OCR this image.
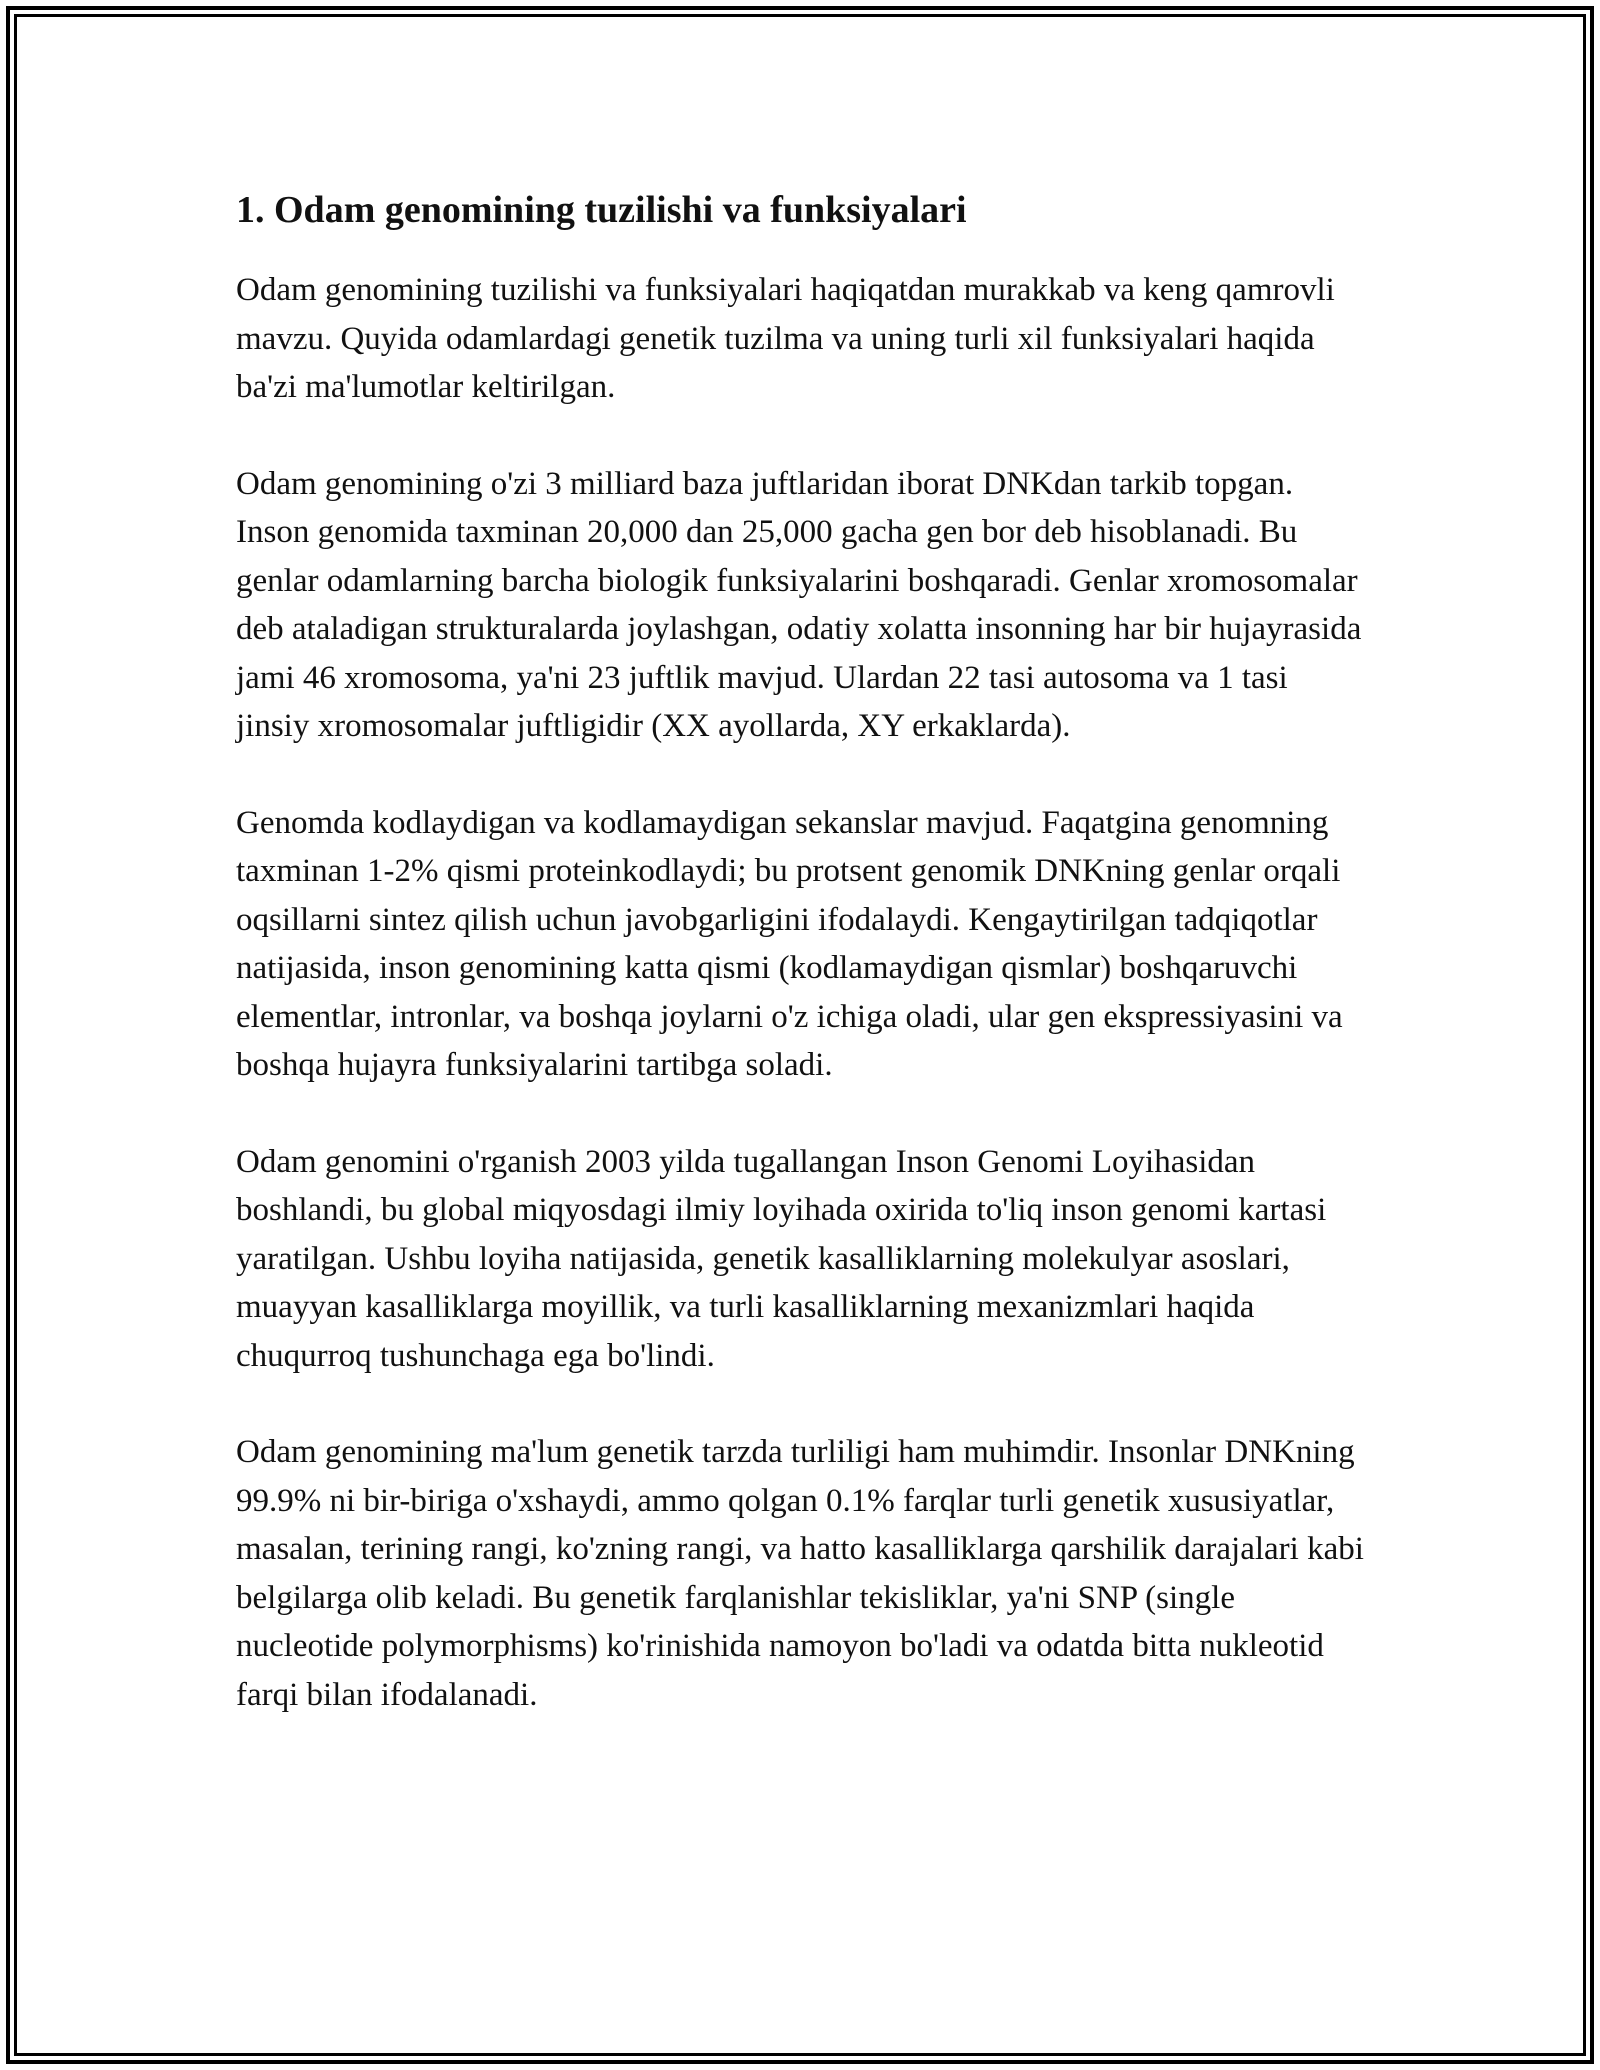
1. Odam genomining tuzilishi va funksiyalari

Odam genomining tuzilishi va funksiyalari haqiqatdan murakkab va keng qamrovli mavzu. Quyida odamlardagi genetik tuzilma va uning turli xil funksiyalari haqida ba'zi ma'lumotlar keltirilgan.

Odam genomining o'zi 3 milliard baza juftlaridan iborat DNKdan tarkib topgan. Inson genomida taxminan 20,000 dan 25,000 gacha gen bor deb hisoblanadi. Bu genlar odamlarning barcha biologik funksiyalarini boshqaradi. Genlar xromosomalar deb ataladigan strukturalarda joylashgan, odatiy xolatta insonning har bir hujayrasida jami 46 xromosoma, ya'ni 23 juftlik mavjud. Ulardan 22 tasi autosoma va 1 tasi jinsiy xromosomalar juftligidir (XX ayollarda, XY erkaklarda).

Genomda kodlaydigan va kodlamaydigan sekanslar mavjud. Faqatgina genomning taxminan 1-2% qismi proteinkodlaydi; bu protsent genomik DNKning genlar orqali oqsillarni sintez qilish uchun javobgarligini ifodalaydi. Kengaytirilgan tadqiqotlar natijasida, inson genomining katta qismi (kodlamaydigan qismlar) boshqaruvchi elementlar, intronlar, va boshqa joylarni o'z ichiga oladi, ular gen ekspressiyasini va boshqa hujayra funksiyalarini tartibga soladi.

Odam genomini o'rganish 2003 yilda tugallangan Inson Genomi Loyihasidan boshlandi, bu global miqyosdagi ilmiy loyihada oxirida to'liq inson genomi kartasi yaratilgan. Ushbu loyiha natijasida, genetik kasalliklarning molekulyar asoslari, muayyan kasalliklarga moyillik, va turli kasalliklarning mexanizmlari haqida chuqurroq tushunchaga ega bo'lindi.

Odam genomining ma'lum genetik tarzda turliligi ham muhimdir. Insonlar DNKning 99.9% ni bir-biriga o'xshaydi, ammo qolgan 0.1% farqlar turli genetik xususiyatlar, masalan, terining rangi, ko'zning rangi, va hatto kasalliklarga qarshilik darajalari kabi belgilarga olib keladi. Bu genetik farqlanishlar tekisliklar, ya'ni SNP (single nucleotide polymorphisms) ko'rinishida namoyon bo'ladi va odatda bitta nukleotid farqi bilan ifodalanadi.
